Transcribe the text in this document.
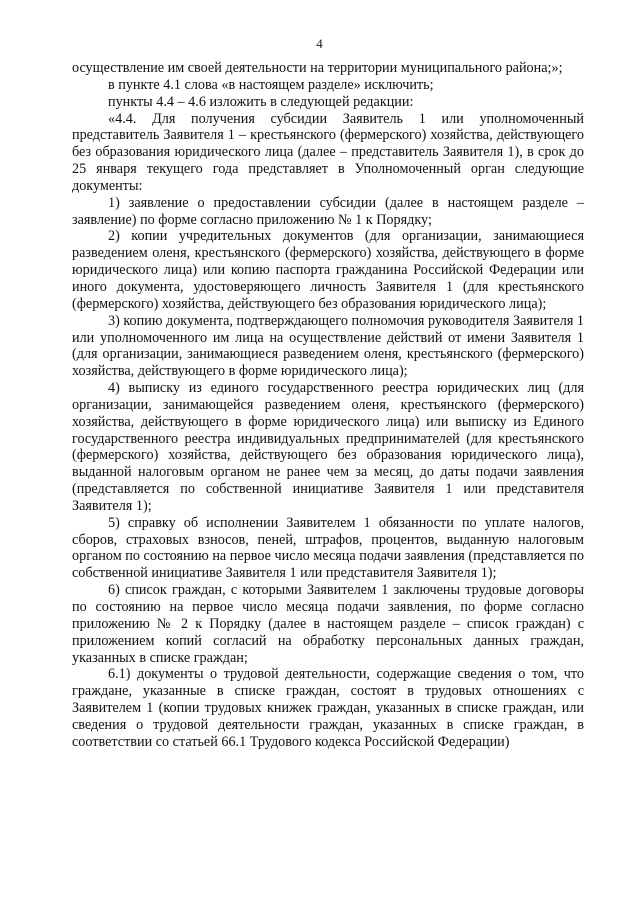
4

осуществление им своей деятельности на территории муниципального района;»;

в пункте 4.1 слова «в настоящем разделе» исключить;

пункты 4.4 – 4.6 изложить в следующей редакции:

«4.4. Для получения субсидии Заявитель 1 или уполномоченный представитель Заявителя 1 – крестьянского (фермерского) хозяйства, действующего без образования юридического лица (далее – представитель Заявителя 1), в срок до 25 января текущего года представляет в Уполномоченный орган следующие документы:

1) заявление о предоставлении субсидии (далее в настоящем разделе – заявление) по форме согласно приложению № 1 к Порядку;

2) копии учредительных документов (для организации, занимающиеся разведением оленя, крестьянского (фермерского) хозяйства, действующего в форме юридического лица) или копию паспорта гражданина Российской Федерации или иного документа, удостоверяющего личность Заявителя 1 (для крестьянского (фермерского) хозяйства, действующего без образования юридического лица);

3) копию документа, подтверждающего полномочия руководителя Заявителя 1 или уполномоченного им лица на осуществление действий от имени Заявителя 1 (для организации, занимающиеся разведением оленя, крестьянского (фермерского) хозяйства, действующего в форме юридического лица);

4) выписку из единого государственного реестра юридических лиц (для организации, занимающейся разведением оленя, крестьянского (фермерского) хозяйства, действующего в форме юридического лица) или выписку из Единого государственного реестра индивидуальных предпринимателей (для крестьянского (фермерского) хозяйства, действующего без образования юридического лица), выданной налоговым органом не ранее чем за месяц, до даты подачи заявления (представляется по собственной инициативе Заявителя 1 или представителя Заявителя 1);

5) справку об исполнении Заявителем 1 обязанности по уплате налогов, сборов, страховых взносов, пеней, штрафов, процентов, выданную налоговым органом по состоянию на первое число месяца подачи заявления (представляется по собственной инициативе Заявителя 1 или представителя Заявителя 1);

6) список граждан, с которыми Заявителем 1 заключены трудовые договоры по состоянию на первое число месяца подачи заявления, по форме согласно приложению № 2 к Порядку (далее в настоящем разделе – список граждан) с приложением копий согласий на обработку персональных данных граждан, указанных в списке граждан;

6.1) документы о трудовой деятельности, содержащие сведения о том, что граждане, указанные в списке граждан, состоят в трудовых отношениях с Заявителем 1 (копии трудовых книжек граждан, указанных в списке граждан, или сведения о трудовой деятельности граждан, указанных в списке граждан, в соответствии со статьей 66.1 Трудового кодекса Российской Федерации)
